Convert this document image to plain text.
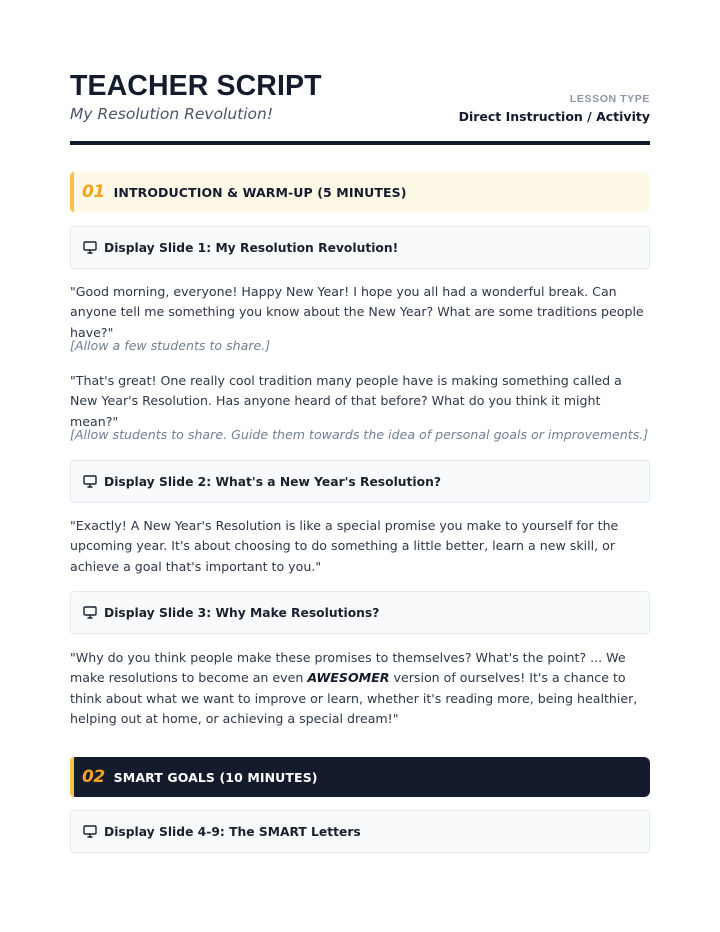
TEACHER SCRIPT
My Resolution Revolution!
LESSON TYPE
Direct Instruction / Activity
01 INTRODUCTION & WARM-UP (5 MINUTES)
Display Slide 1: My Resolution Revolution!

"Good morning, everyone! Happy New Year! I hope you all had a wonderful break. Can anyone tell me something you know about the New Year? What are some traditions people have?"

[Allow a few students to share.]

"That's great! One really cool tradition many people have is making something called a New Year's Resolution. Has anyone heard of that before? What do you think it might mean?"

[Allow students to share. Guide them towards the idea of personal goals or improvements.]

Display Slide 2: What's a New Year's Resolution?

"Exactly! A New Year's Resolution is like a special promise you make to yourself for the upcoming year. It's about choosing to do something a little better, learn a new skill, or achieve a goal that's important to you."

Display Slide 3: Why Make Resolutions?

"Why do you think people make these promises to themselves? What's the point? ... We make resolutions to become an even AWESOMER version of ourselves! It's a chance to think about what we want to improve or learn, whether it's reading more, being healthier, helping out at home, or achieving a special dream!"

02 SMART GOALS (10 MINUTES)
Display Slide 4-9: The SMART Letters
